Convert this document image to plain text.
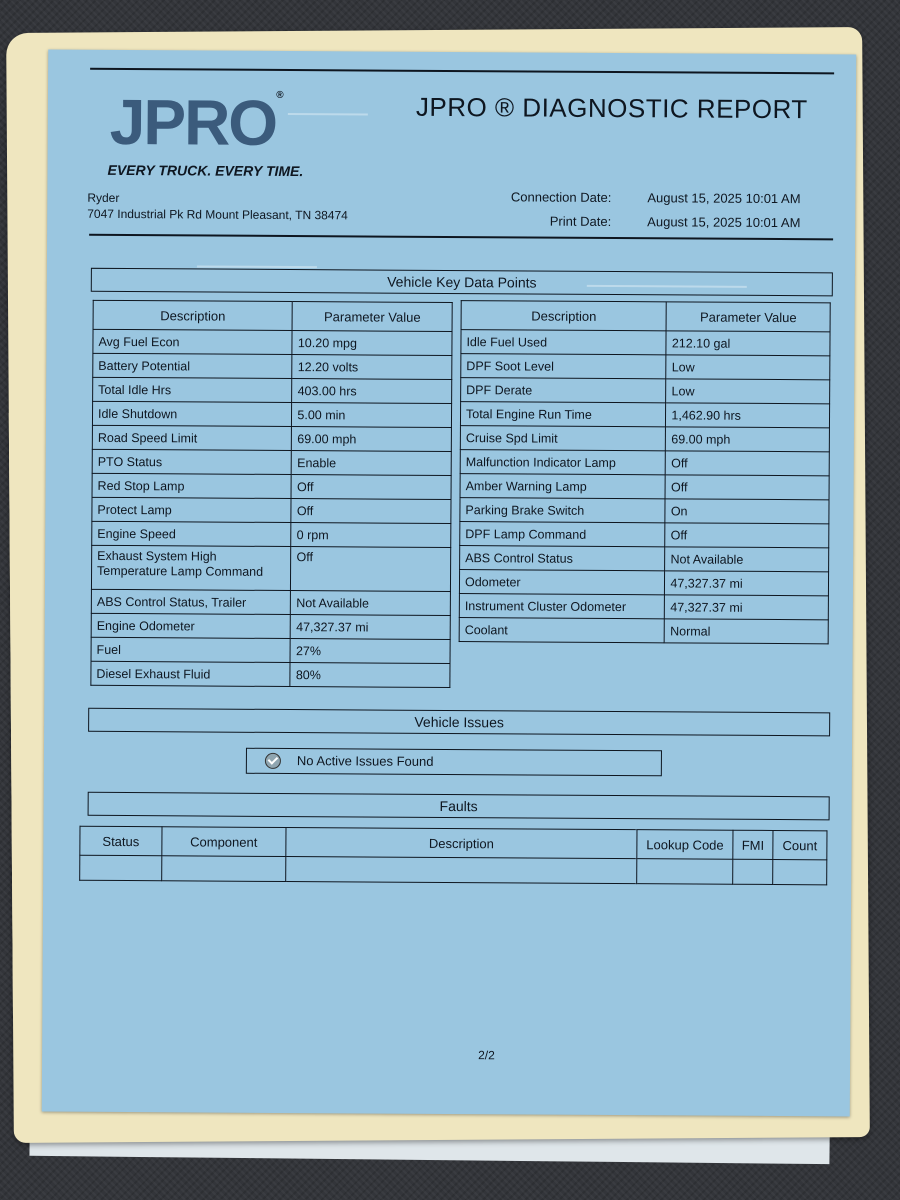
JPRO®
EVERY TRUCK. EVERY TIME.
Ryder
7047 Industrial Pk Rd Mount Pleasant, TN 38474
JPRO ® DIAGNOSTIC REPORT
Connection Date:	August 15, 2025 10:01 AM
Print Date:	August 15, 2025 10:01 AM
Vehicle Key Data Points
Description	Parameter Value
Avg Fuel Econ	10.20 mpg
Battery Potential	12.20 volts
Total Idle Hrs	403.00 hrs
Idle Shutdown	5.00 min
Road Speed Limit	69.00 mph
PTO Status	Enable
Red Stop Lamp	Off
Protect Lamp	Off
Engine Speed	0 rpm
Exhaust System High Temperature Lamp Command	Off
ABS Control Status, Trailer	Not Available
Engine Odometer	47,327.37 mi
Fuel	27%
Diesel Exhaust Fluid	80%
Description	Parameter Value
Idle Fuel Used	212.10 gal
DPF Soot Level	Low
DPF Derate	Low
Total Engine Run Time	1,462.90 hrs
Cruise Spd Limit	69.00 mph
Malfunction Indicator Lamp	Off
Amber Warning Lamp	Off
Parking Brake Switch	On
DPF Lamp Command	Off
ABS Control Status	Not Available
Odometer	47,327.37 mi
Instrument Cluster Odometer	47,327.37 mi
Coolant	Normal
Vehicle Issues
No Active Issues Found
Faults
Status	Component	Description	Lookup Code	FMI	Count

2/2
